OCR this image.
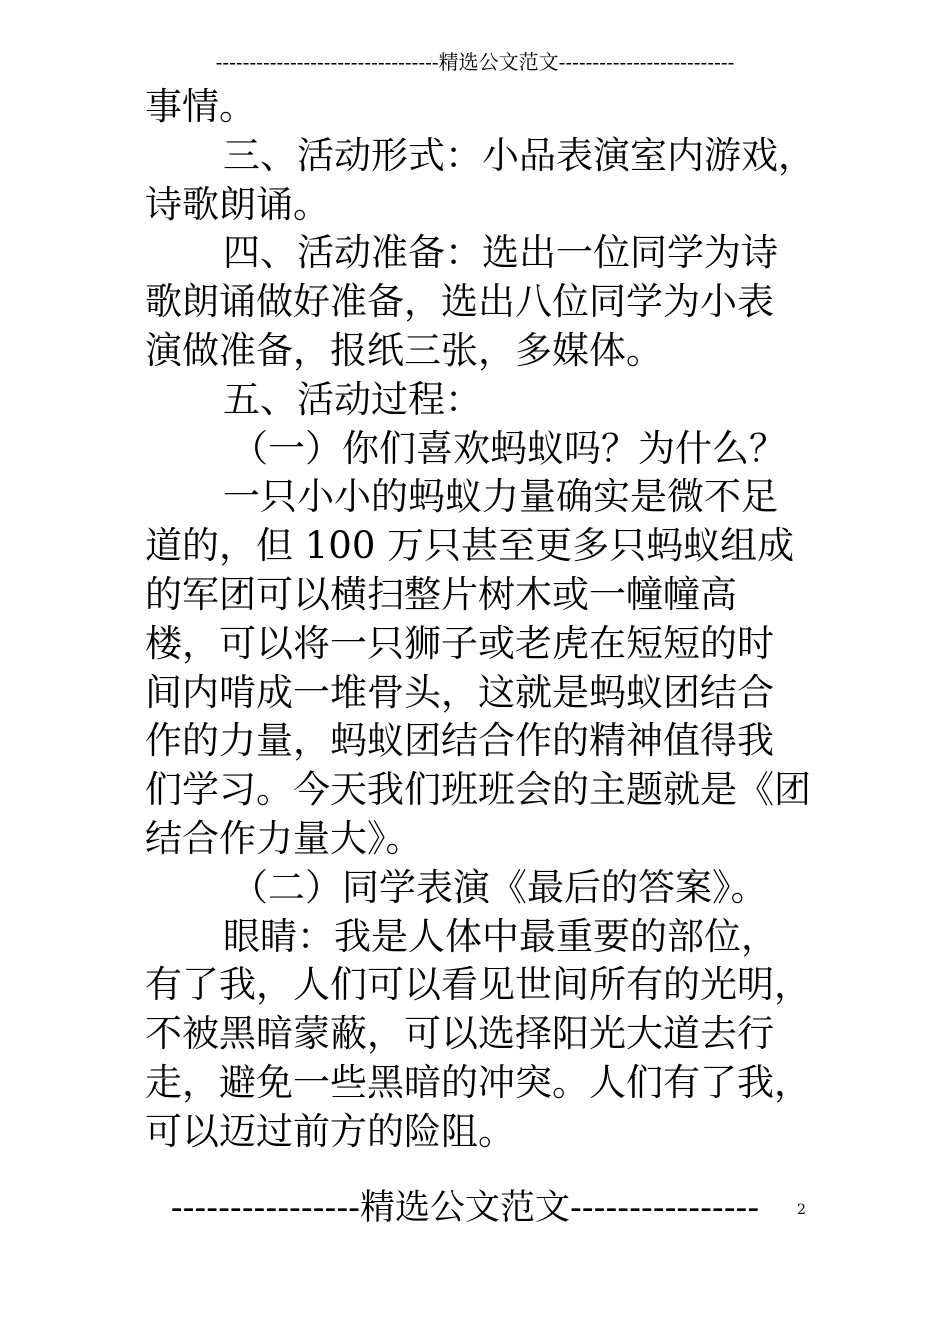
---------------------------------精选公文范文--------------------------
事情。
三、活动形式：小品表演室内游戏，
诗歌朗诵。
四、活动准备：选出一位同学为诗
歌朗诵做好准备，选出八位同学为小表
演做准备，报纸三张，多媒体。
五、活动过程：
（一）你们喜欢蚂蚁吗？为什么？
一只小小的蚂蚁力量确实是微不足
道的，但 100 万只甚至更多只蚂蚁组成
的军团可以横扫整片树木或一幢幢高
楼，可以将一只狮子或老虎在短短的时
间内啃成一堆骨头，这就是蚂蚁团结合
作的力量，蚂蚁团结合作的精神值得我
们学习。今天我们班班会的主题就是《团
结合作力量大》。
（二）同学表演《最后的答案》。
眼睛：我是人体中最重要的部位，
有了我，人们可以看见世间所有的光明，
不被黑暗蒙蔽，可以选择阳光大道去行
走，避免一些黑暗的冲突。人们有了我，
可以迈过前方的险阻。
----------------精选公文范文----------------	2
